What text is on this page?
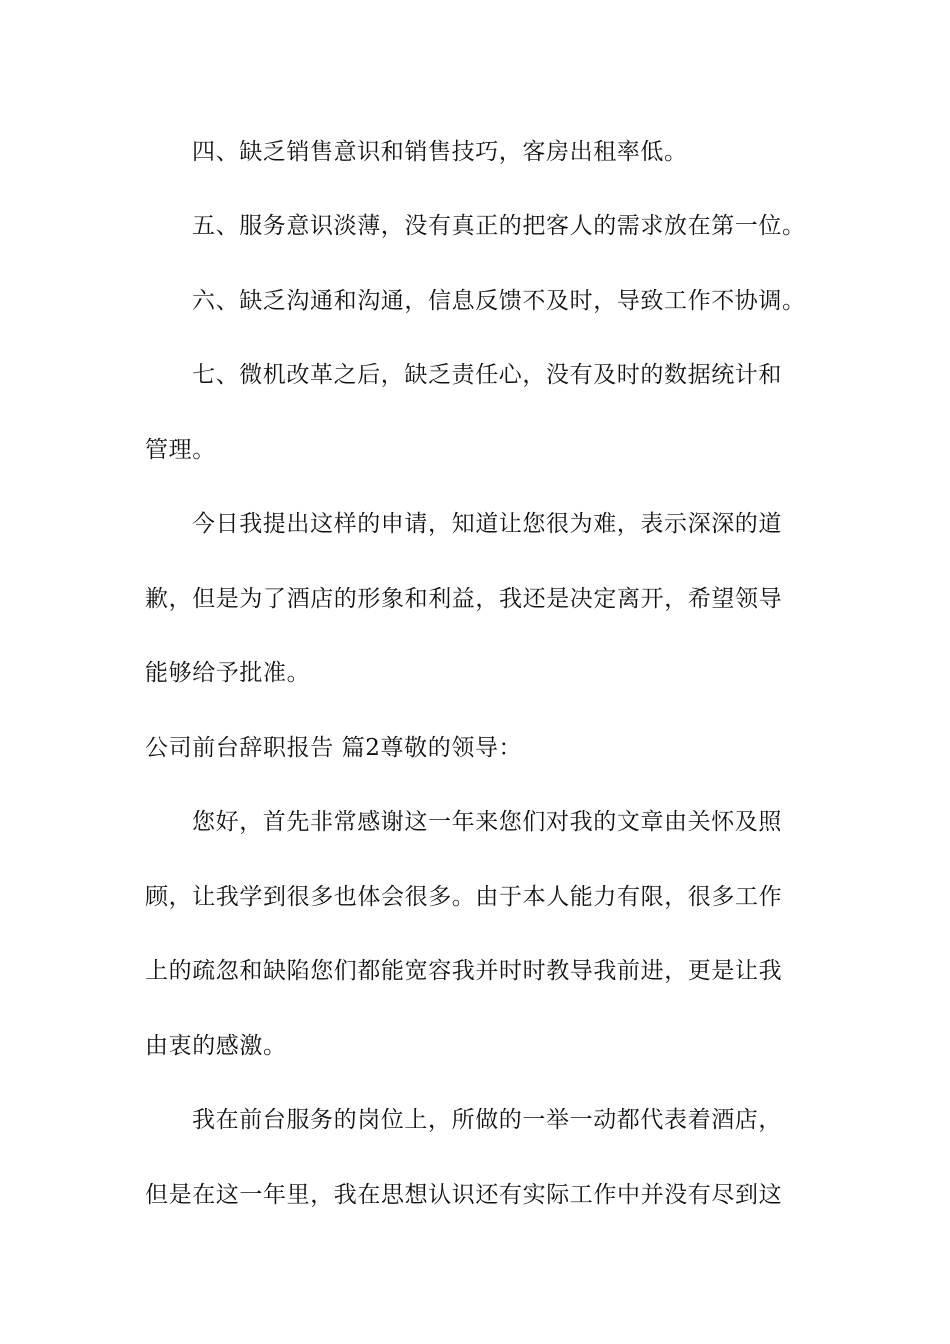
四、缺乏销售意识和销售技巧，客房出租率低。
五、服务意识淡薄，没有真正的把客人的需求放在第一位。
六、缺乏沟通和沟通，信息反馈不及时，导致工作不协调。
七、微机改革之后，缺乏责任心，没有及时的数据统计和
管理。
今日我提出这样的申请，知道让您很为难，表示深深的道
歉，但是为了酒店的形象和利益，我还是决定离开，希望领导
能够给予批准。
公司前台辞职报告 篇2尊敬的领导：
您好，首先非常感谢这一年来您们对我的文章由关怀及照
顾，让我学到很多也体会很多。由于本人能力有限，很多工作
上的疏忽和缺陷您们都能宽容我并时时教导我前进，更是让我
由衷的感激。
我在前台服务的岗位上，所做的一举一动都代表着酒店，
但是在这一年里，我在思想认识还有实际工作中并没有尽到这
